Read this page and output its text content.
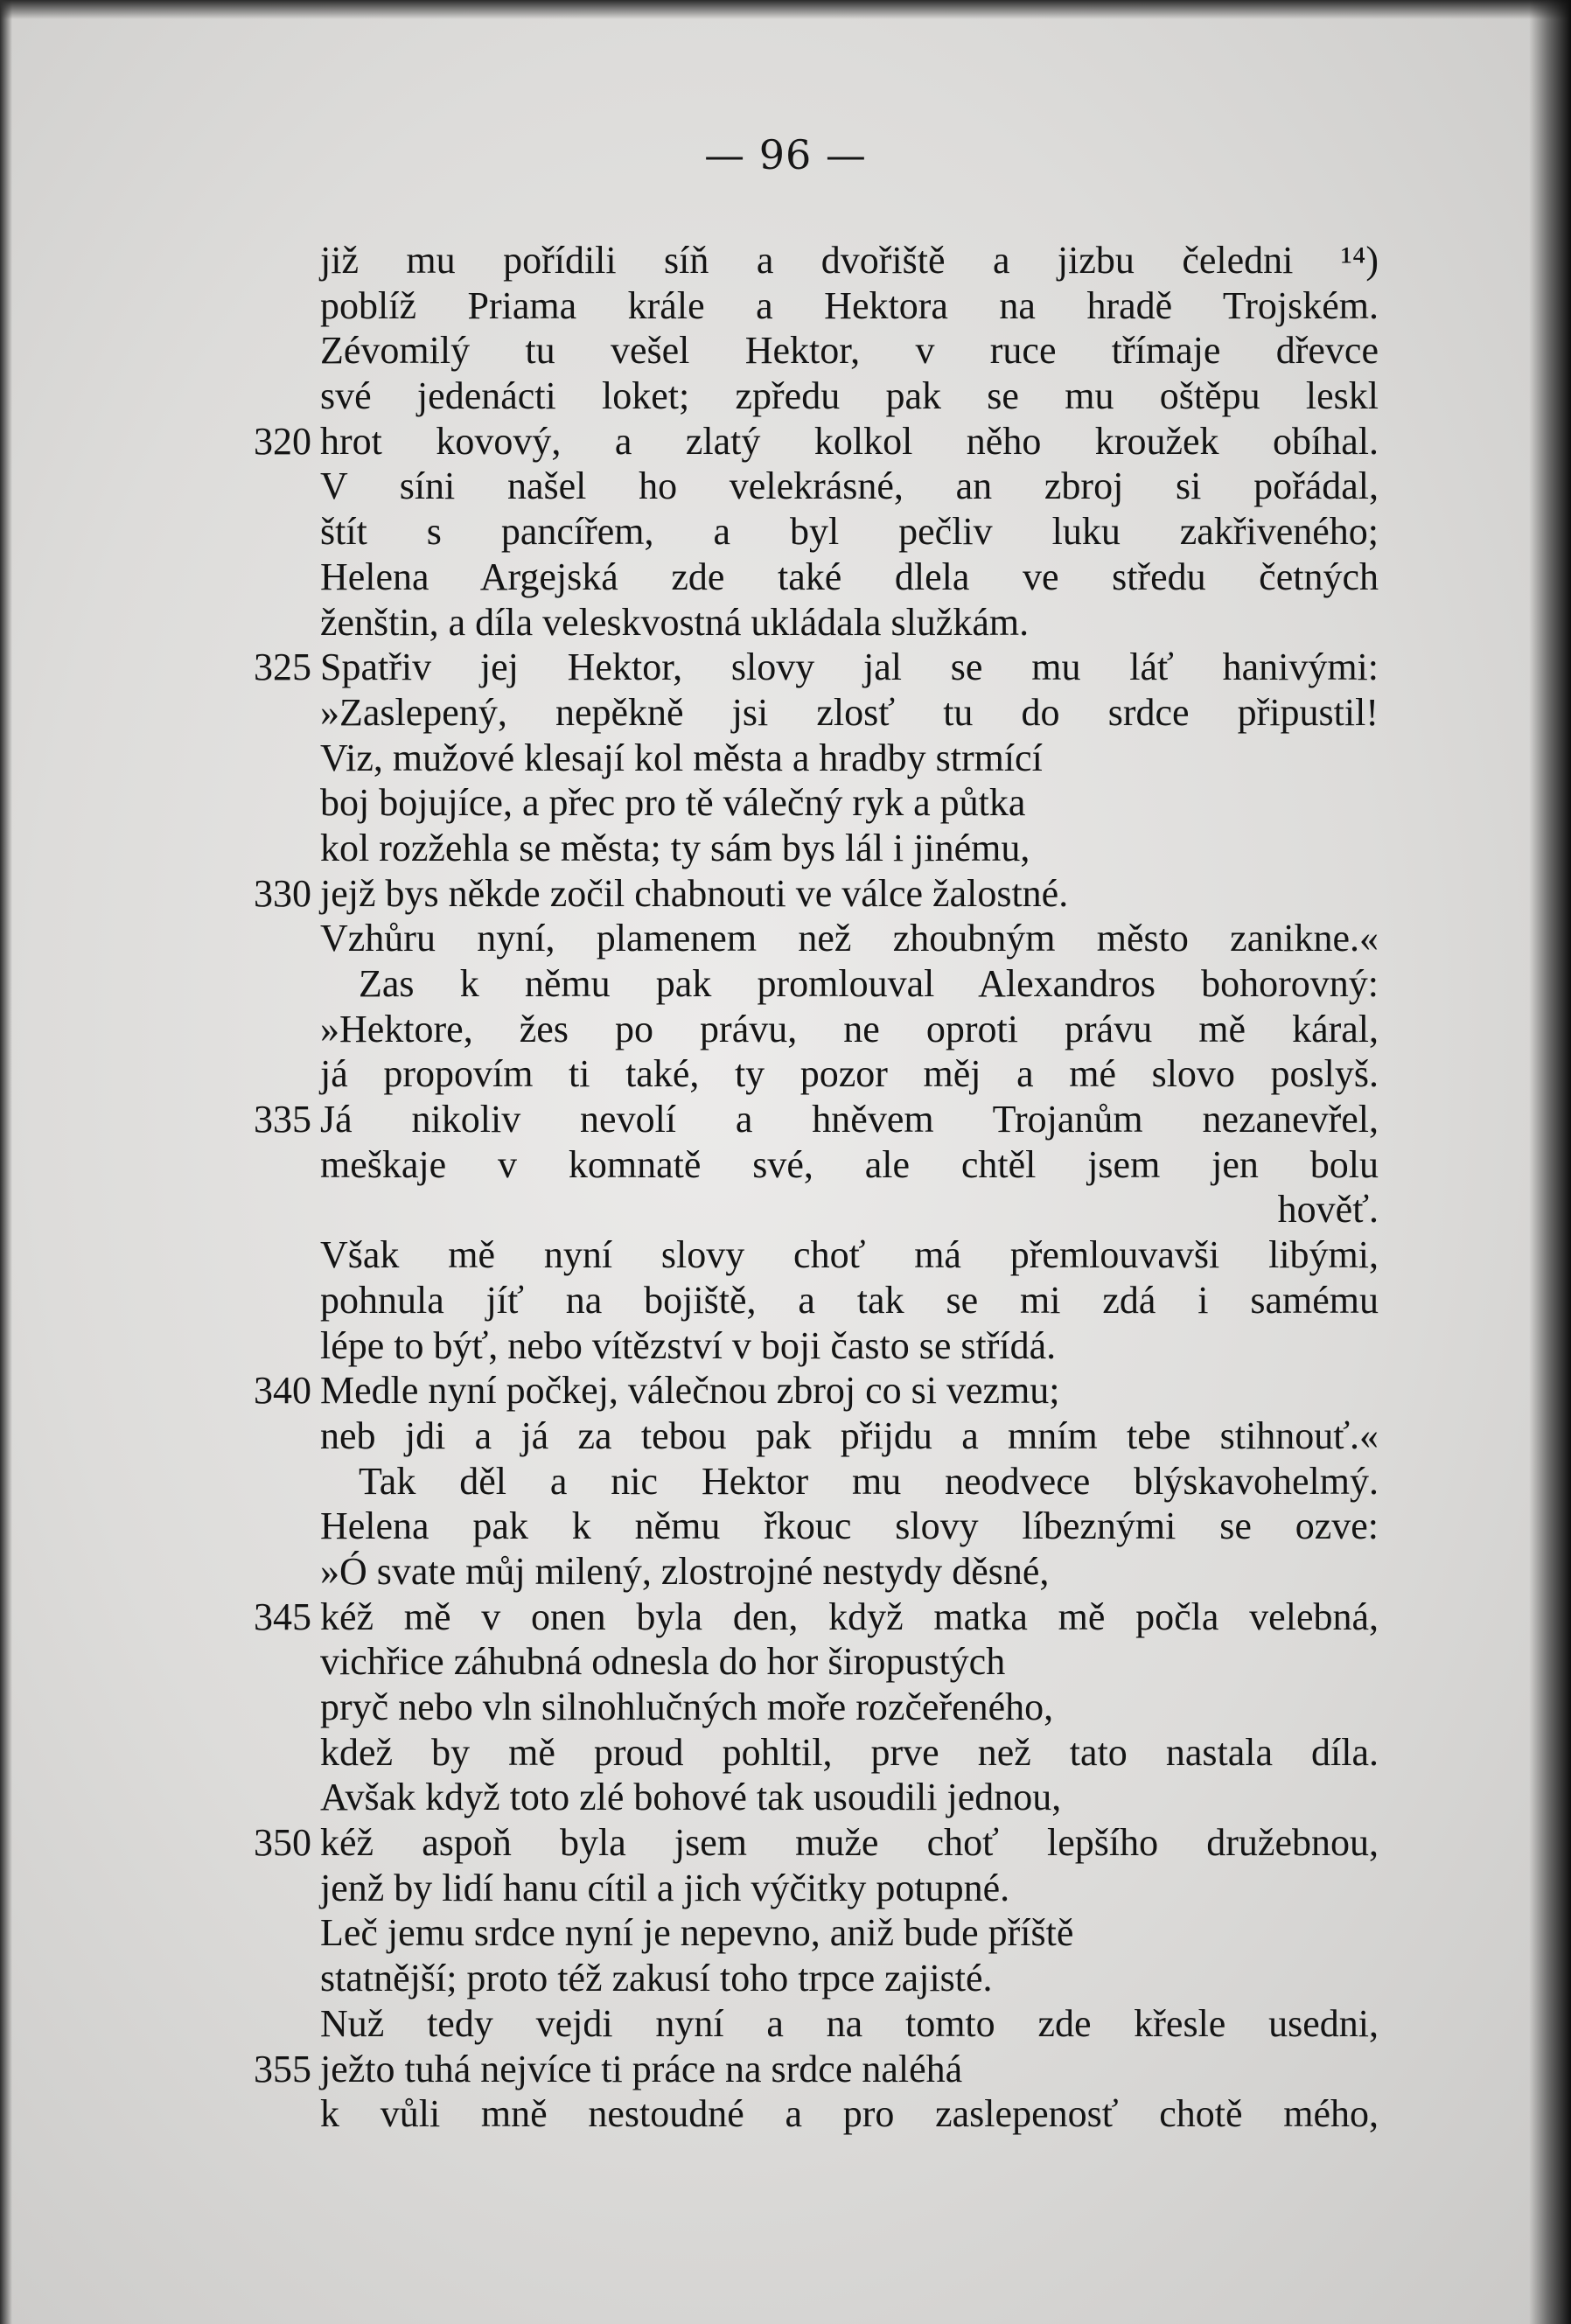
— 96 —
již mu pořídili síň a dvořiště a jizbu čeledni ¹⁴)
poblíž Priama krále a Hektora na hradě Trojském.
Zévomilý tu vešel Hektor, v ruce třímaje dřevce
své jedenácti loket; zpředu pak se mu oštěpu leskl
320 hrot kovový, a zlatý kolkol něho kroužek obíhal.
V síni našel ho velekrásné, an zbroj si pořádal,
štít s pancířem, a byl pečliv luku zakřiveného;
Helena Argejská zde také dlela ve středu četných
ženštin, a díla veleskvostná ukládala služkám.
325 Spatřiv jej Hektor, slovy jal se mu láť hanivými:
»Zaslepený, nepěkně jsi zlosť tu do srdce připustil!
Viz, mužové klesají kol města a hradby strmící
boj bojujíce, a přec pro tě válečný ryk a půtka
kol rozžehla se města; ty sám bys lál i jinému,
330 jejž bys někde zočil chabnouti ve válce žalostné.
Vzhůru nyní, plamenem než zhoubným město zanikne.«
Zas k němu pak promlouval Alexandros bohorovný:
»Hektore, žes po právu, ne oproti právu mě káral,
já propovím ti také, ty pozor měj a mé slovo poslyš.
335 Já nikoliv nevolí a hněvem Trojanům nezanevřel,
meškaje v komnatě své, ale chtěl jsem jen bolu
hověť.
Však mě nyní slovy choť má přemlouvavši libými,
pohnula jíť na bojiště, a tak se mi zdá i samému
lépe to býť, nebo vítězství v boji často se střídá.
340 Medle nyní počkej, válečnou zbroj co si vezmu;
neb jdi a já za tebou pak přijdu a mním tebe stihnouť.«
Tak děl a nic Hektor mu neodvece blýskavohelmý.
Helena pak k němu řkouc slovy líbeznými se ozve:
»Ó svate můj milený, zlostrojné nestydy děsné,
345 kéž mě v onen byla den, když matka mě počla velebná,
vichřice záhubná odnesla do hor širopustých
pryč nebo vln silnohlučných moře rozčeřeného,
kdež by mě proud pohltil, prve než tato nastala díla.
Avšak když toto zlé bohové tak usoudili jednou,
350 kéž aspoň byla jsem muže choť lepšího družebnou,
jenž by lidí hanu cítil a jich výčitky potupné.
Leč jemu srdce nyní je nepevno, aniž bude příště
statnější; proto též zakusí toho trpce zajisté.
Nuž tedy vejdi nyní a na tomto zde křesle usedni,
355 ježto tuhá nejvíce ti práce na srdce naléhá
k vůli mně nestoudné a pro zaslepenosť chotě mého,
